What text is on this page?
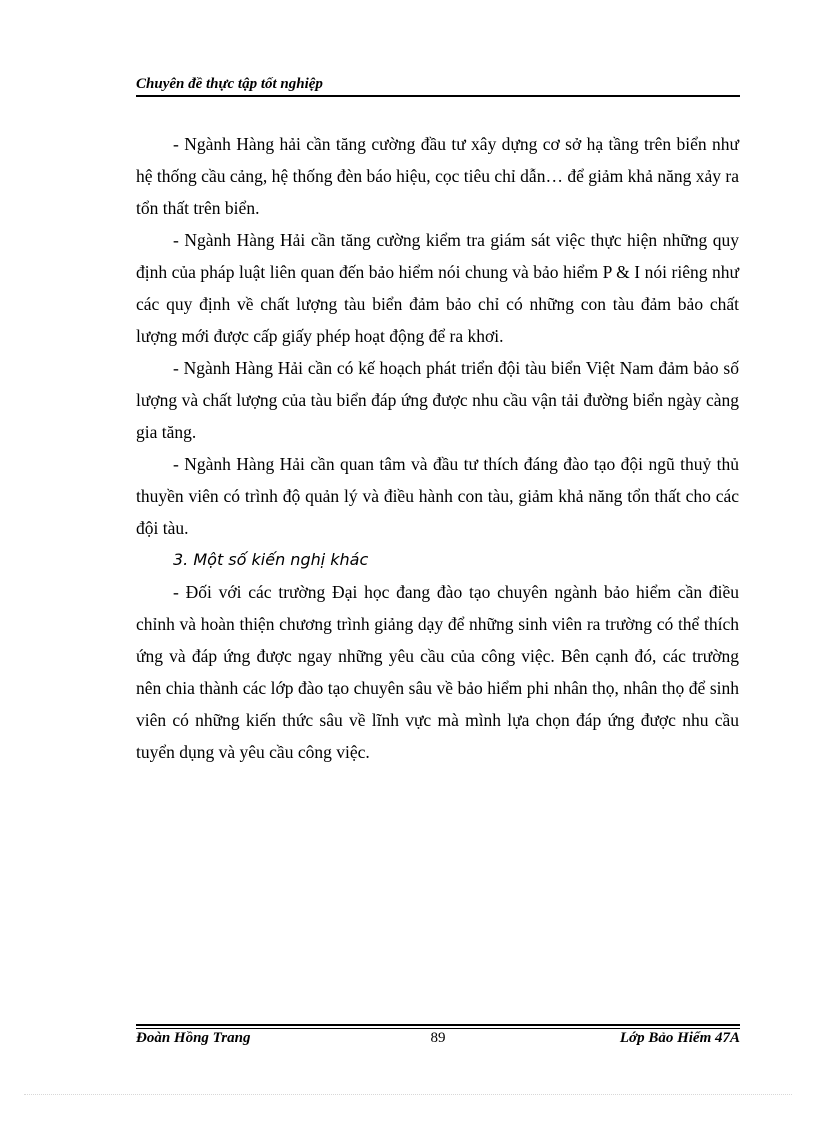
Chuyên đề thực tập tốt nghiệp

- Ngành Hàng hải cần tăng cường đầu tư xây dựng cơ sở hạ tầng trên biển như hệ thống cầu cảng, hệ thống đèn báo hiệu, cọc tiêu chỉ dẫn… để giảm khả năng xảy ra tổn thất trên biển.

- Ngành Hàng Hải cần tăng cường kiểm tra giám sát việc thực hiện những quy định của pháp luật liên quan đến bảo hiểm nói chung và bảo hiểm P & I nói riêng như các quy định về chất lượng tàu biển đảm bảo chỉ có những con tàu đảm bảo chất lượng mới được cấp giấy phép hoạt động để ra khơi.

- Ngành Hàng Hải cần có kế hoạch phát triển đội tàu biển Việt Nam đảm bảo số lượng và chất lượng của tàu biển đáp ứng được nhu cầu vận tải đường biển ngày càng gia tăng.

- Ngành Hàng Hải cần quan tâm và đầu tư thích đáng đào tạo đội ngũ thuỷ thủ thuyền viên có trình độ quản lý và điều hành con tàu, giảm khả năng tổn thất cho các đội tàu.

3. Một số kiến nghị khác

- Đối với các trường Đại học đang đào tạo chuyên ngành bảo hiểm cần điều chỉnh và hoàn thiện chương trình giảng dạy để những sinh viên ra trường có thể thích ứng và đáp ứng được ngay những yêu cầu của công việc. Bên cạnh đó, các trường nên chia thành các lớp đào tạo chuyên sâu về bảo hiểm phi nhân thọ, nhân thọ để sinh viên có những kiến thức sâu về lĩnh vực mà mình lựa chọn đáp ứng được nhu cầu tuyển dụng và yêu cầu công việc.

89
Đoàn Hồng Trang	Lớp Bảo Hiểm 47A
